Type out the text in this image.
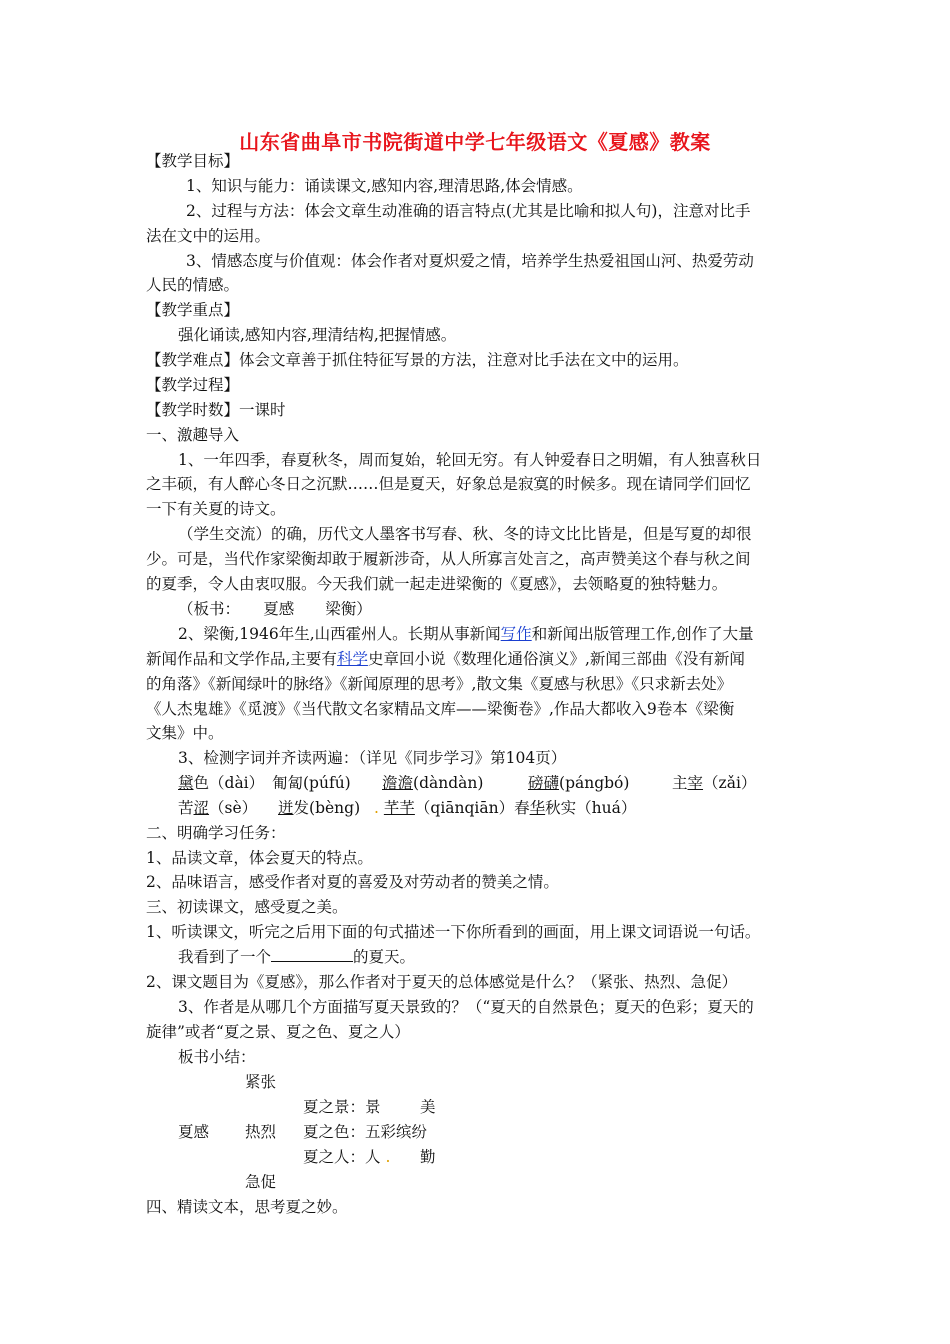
山东省曲阜市书院街道中学七年级语文《夏感》教案
【教学目标】
1、知识与能力：诵读课文,感知内容,理清思路,体会情感。
2、过程与方法：体会文章生动准确的语言特点(尤其是比喻和拟人句)，注意对比手
法在文中的运用。
3、情感态度与价值观：体会作者对夏炽爱之情，培养学生热爱祖国山河、热爱劳动
人民的情感。
【教学重点】
强化诵读,感知内容,理清结构,把握情感。
【教学难点】体会文章善于抓住特征写景的方法，注意对比手法在文中的运用。
【教学过程】
【教学时数】一课时
一、激趣导入
1、一年四季，春夏秋冬，周而复始，轮回无穷。有人钟爱春日之明媚，有人独喜秋日
之丰硕，有人醉心冬日之沉默……但是夏天，好象总是寂寞的时候多。现在请同学们回忆
一下有关夏的诗文。
（学生交流）的确，历代文人墨客书写春、秋、冬的诗文比比皆是，但是写夏的却很
少。可是，当代作家梁衡却敢于履新涉奇，从人所寡言处言之，高声赞美这个春与秋之间
的夏季，令人由衷叹服。今天我们就一起走进梁衡的《夏感》，去领略夏的独特魅力。
（板书：　　夏感　　梁衡）
2、梁衡,1946年生,山西霍州人。长期从事新闻写作和新闻出版管理工作,创作了大量
新闻作品和文学作品,主要有科学史章回小说《数理化通俗演义》,新闻三部曲《没有新闻
的角落》《新闻绿叶的脉络》《新闻原理的思考》,散文集《夏感与秋思》《只求新去处》
《人杰鬼雄》《觅渡》《当代散文名家精品文库——梁衡卷》,作品大都收入9卷本《梁衡
文集》中。
3、检测字词并齐读两遍：（详见《同步学习》第104页）
黛色（dài） 匍匐(púfú) 澹澹(dàndàn)	磅礴(pángbó)	主宰（zǎi）
苦涩（sè） 迸发(bèng) . 芊芊（qiānqiān）春华秋实（huá）
二、明确学习任务：
1、品读文章，体会夏天的特点。
2、品味语言，感受作者对夏的喜爱及对劳动者的赞美之情。
三、初读课文，感受夏之美。
1、听读课文，听完之后用下面的句式描述一下你所看到的画面，用上课文词语说一句话。
我看到了一个	的夏天。
2、课文题目为《夏感》，那么作者对于夏天的总体感觉是什么？（紧张、热烈、急促）
3、作者是从哪几个方面描写夏天景致的？（“夏天的自然景色；夏天的色彩；夏天的
旋律”或者“夏之景、夏之色、夏之人）
板书小结：
紧张
夏之景：景	美
夏感 热烈 夏之色：五彩缤纷
夏之人：人 . 勤
急促
四、精读文本，思考夏之妙。
